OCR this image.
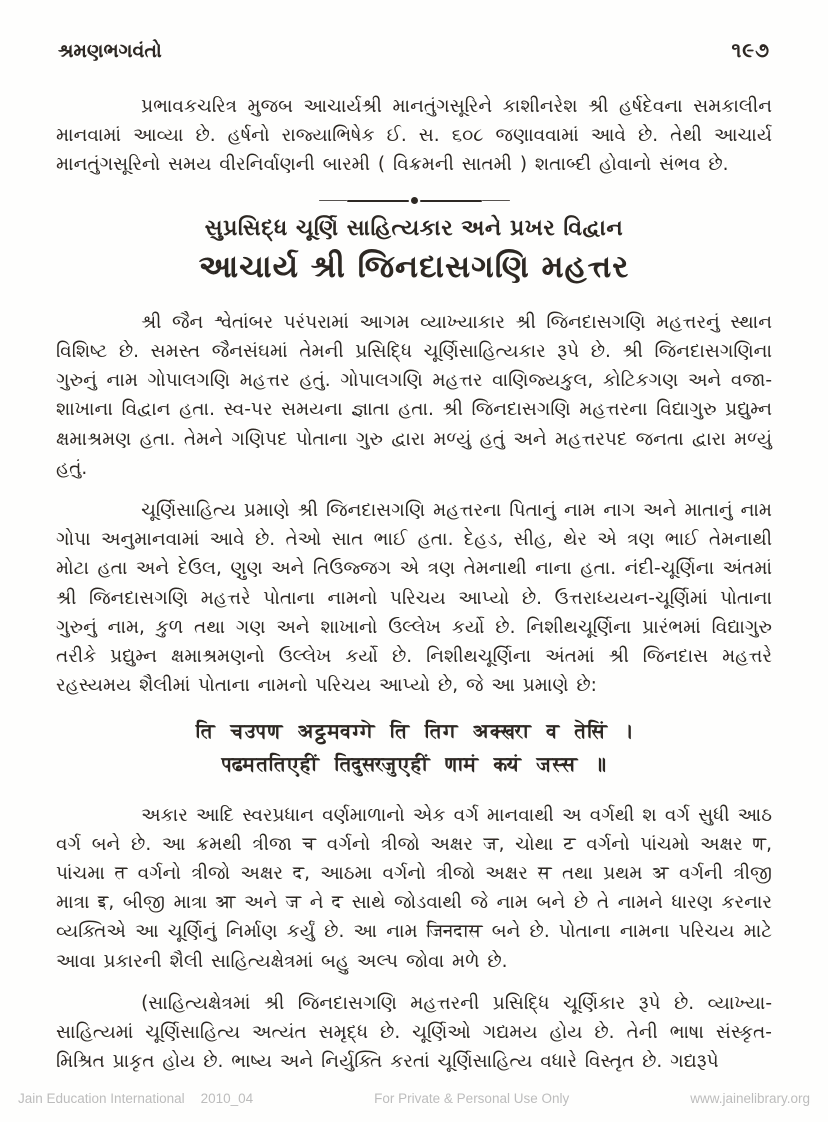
શ્રમણભગવંતો	૧૯૭

પ્રભાવકચરિત્ર મુજબ આચાર્યશ્રી માનતુંગસૂરિને કાશીનરેશ શ્રી હર્ષદેવના સમકાલીન માનવામાં આવ્યા છે. હર્ષનો રાજ્યાભિષેક ઈ. સ. ૬૦૮ જણાવવામાં આવે છે. તેથી આચાર્ય માનતુંગસૂરિનો સમય વીરનિર્વાણની બારમી ( વિક્રમની સાતમી ) શતાબ્દી હોવાનો સંભવ છે.

સુપ્રસિદ્ધ ચૂર્ણિ સાહિત્યકાર અને પ્રખર વિદ્વાન
આચાર્ય શ્રી જિનદાસગણિ મહત્તર

શ્રી જૈન શ્વેતાંબર પરંપરામાં આગમ વ્યાખ્યાકાર શ્રી જિનદાસગણિ મહત્તરનું સ્થાન વિશિષ્ટ છે. સમસ્ત જૈનસંઘમાં તેમની પ્રસિદ્ધિ ચૂર્ણિસાહિત્યકાર રૂપે છે. શ્રી જિનદાસગણિના ગુરુનું નામ ગોપાલગણિ મહત્તર હતું. ગોપાલગણિ મહત્તર વાણિજ્યકુલ, કોટિકગણ અને વજા-શાખાના વિદ્વાન હતા. સ્વ-પર સમયના જ્ઞાતા હતા. શ્રી જિનદાસગણિ મહત્તરના વિદ્યાગુરુ પ્રદ્યુમ્ન ક્ષમાશ્રમણ હતા. તેમને ગણિપદ પોતાના ગુરુ દ્વારા મળ્યું હતું અને મહત્તરપદ જનતા દ્વારા મળ્યું હતું.

ચૂર્ણિસાહિત્ય પ્રમાણે શ્રી જિનદાસગણિ મહત્તરના પિતાનું નામ નાગ અને માતાનું નામ ગોપા અનુમાનવામાં આવે છે. તેઓ સાત ભાઈ હતા. દેહડ, સીહ, થેર એ ત્રણ ભાઈ તેમનાથી મોટા હતા અને દેઉલ, ણુણ અને તિઉજ્જગ એ ત્રણ તેમનાથી નાના હતા. નંદી-ચૂર્ણિના અંતમાં શ્રી જિનદાસગણિ મહત્તરે પોતાના નામનો પરિચય આપ્યો છે. ઉત્તરાધ્યયન-ચૂર્ણિમાં પોતાના ગુરુનું નામ, કુળ તથા ગણ અને શાખાનો ઉલ્લેખ કર્યો છે. નિશીથચૂર્ણિના પ્રારંભમાં વિદ્યાગુરુ તરીકે પ્રદ્યુમ્ન ક્ષમાશ્રમણનો ઉલ્લેખ કર્યો છે. નિશીથચૂર્ણિના અંતમાં શ્રી જિનદાસ મહત્તરે રહસ્યમય શૈલીમાં પોતાના નામનો પરિચય આપ્યો છે, જે આ પ્રમાણે છે:

ति चउपण अट्ठमवग्गे ति तिग अक्खरा व तेसिं ।
पढमततिएहीं तिदुसरजुएहीं णामं कयं जस्स ॥

અકાર આદિ સ્વરપ્રધાન વર્ણમાળાનો એક વર્ગ માનવાથી અ વર્ગથી શ વર્ગ સુધી આઠ વર્ગ બને છે. આ ક્રમથી ત્રીજા च વર્ગનો ત્રીજો અક્ષર ज, ચોથા ट વર્ગનો પાંચમો અક્ષર ण, પાંચમા त વર્ગનો ત્રીજો અક્ષર द, આઠમા વર્ગનો ત્રીજો અક્ષર स તથા પ્રથમ अ વર્ગની ત્રીજી માત્રા इ, બીજી માત્રા आ અને ज ને द સાથે જોડવાથી જે નામ બને છે તે નામને ધારણ કરનાર વ્યક્તિએ આ ચૂર્ણિનું નિર્માણ કર્યું છે. આ નામ जिनदास બને છે. પોતાના નામના પરિચય માટે આવા પ્રકારની શૈલી સાહિત્યક્ષેત્રમાં બહુ અલ્પ જોવા મળે છે.

(સાહિત્યક્ષેત્રમાં શ્રી જિનદાસગણિ મહત્તરની પ્રસિદ્ધિ ચૂર્ણિકાર રૂપે છે. વ્યાખ્યા-સાહિત્યમાં ચૂર્ણિસાહિત્ય અત્યંત સમૃદ્ધ છે. ચૂર્ણિઓ ગદ્યમય હોય છે. તેની ભાષા સંસ્કૃત-મિશ્રિત પ્રાકૃત હોય છે. ભાષ્ય અને નિર્યુક્તિ કરતાં ચૂર્ણિસાહિત્ય વધારે વિસ્તૃત છે. ગદ્યરૂપે

Jain Education International 2010_04	For Private & Personal Use Only	www.jainelibrary.org
